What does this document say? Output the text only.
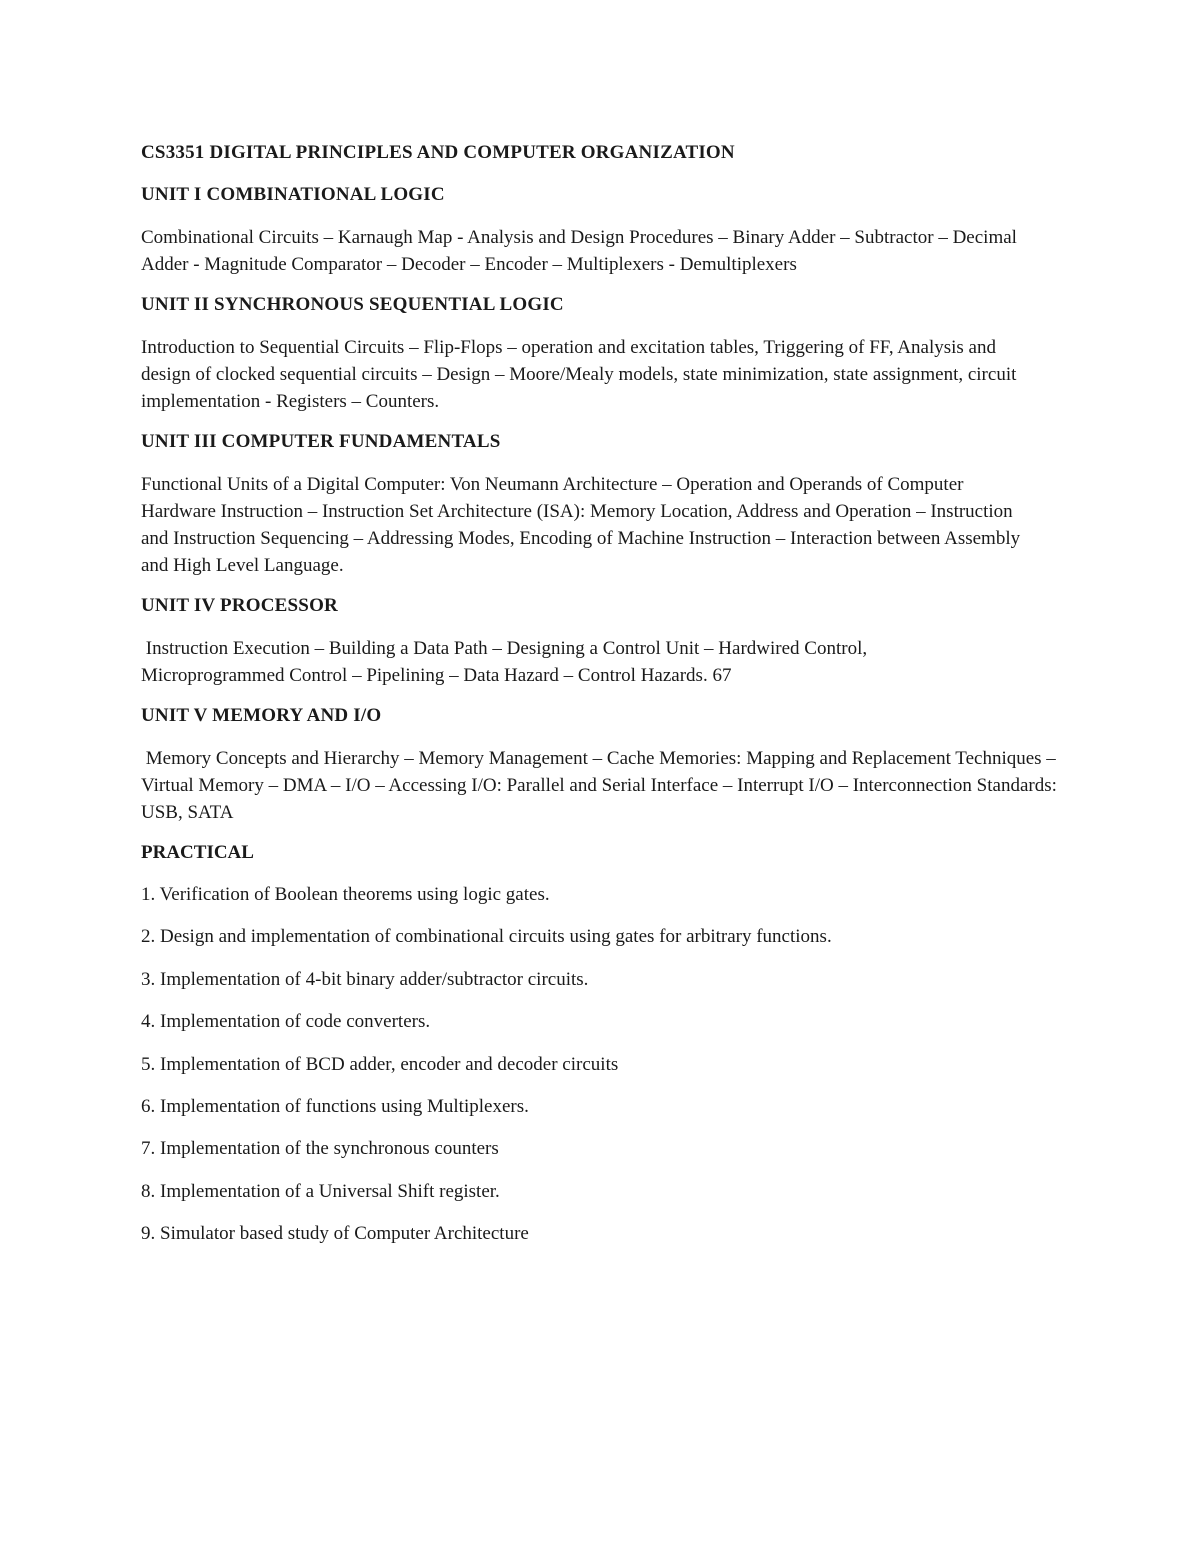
CS3351 DIGITAL PRINCIPLES AND COMPUTER ORGANIZATION
UNIT I COMBINATIONAL LOGIC

Combinational Circuits – Karnaugh Map - Analysis and Design Procedures – Binary Adder – Subtractor – Decimal Adder - Magnitude Comparator – Decoder – Encoder – Multiplexers - Demultiplexers

UNIT II SYNCHRONOUS SEQUENTIAL LOGIC

Introduction to Sequential Circuits – Flip-Flops – operation and excitation tables, Triggering of FF, Analysis and design of clocked sequential circuits – Design – Moore/Mealy models, state minimization, state assignment, circuit implementation - Registers – Counters.

UNIT III COMPUTER FUNDAMENTALS

Functional Units of a Digital Computer: Von Neumann Architecture – Operation and Operands of Computer Hardware Instruction – Instruction Set Architecture (ISA): Memory Location, Address and Operation – Instruction and Instruction Sequencing – Addressing Modes, Encoding of Machine Instruction – Interaction between Assembly and High Level Language.

UNIT IV PROCESSOR

Instruction Execution – Building a Data Path – Designing a Control Unit – Hardwired Control, Microprogrammed Control – Pipelining – Data Hazard – Control Hazards. 67

UNIT V MEMORY AND I/O

Memory Concepts and Hierarchy – Memory Management – Cache Memories: Mapping and Replacement Techniques – Virtual Memory – DMA – I/O – Accessing I/O: Parallel and Serial Interface – Interrupt I/O – Interconnection Standards: USB, SATA

PRACTICAL
1. Verification of Boolean theorems using logic gates.
2. Design and implementation of combinational circuits using gates for arbitrary functions.
3. Implementation of 4-bit binary adder/subtractor circuits.
4. Implementation of code converters.
5. Implementation of BCD adder, encoder and decoder circuits
6. Implementation of functions using Multiplexers.
7. Implementation of the synchronous counters
8. Implementation of a Universal Shift register.
9. Simulator based study of Computer Architecture
